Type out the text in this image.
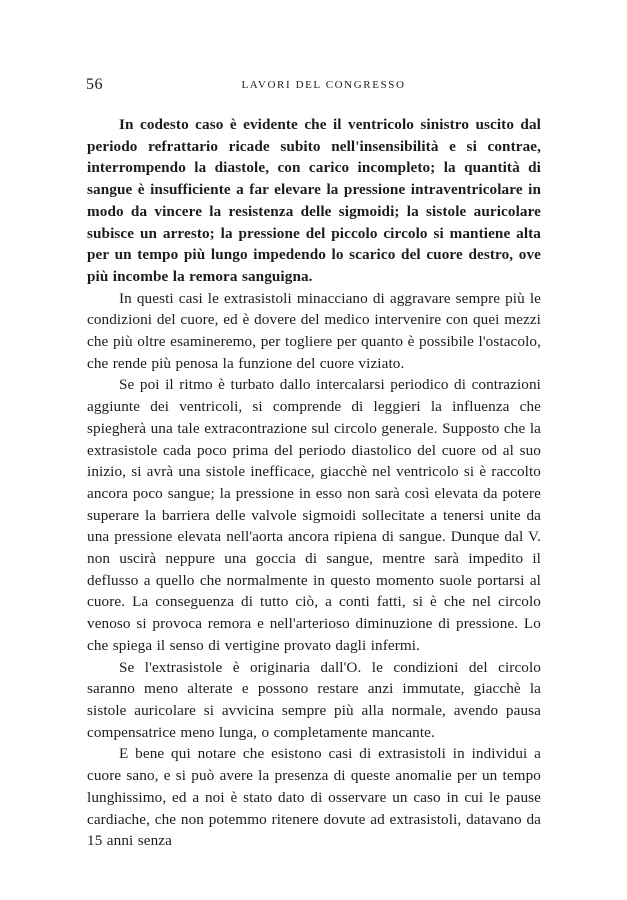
56	LAVORI DEL CONGRESSO

In codesto caso è evidente che il ventricolo sinistro uscito dal periodo refrattario ricade subito nell'insensibilità e si contrae, interrompendo la diastole, con carico incompleto; la quantità di sangue è insufficiente a far elevare la pressione intraventricolare in modo da vincere la resistenza delle sigmoidi; la sistole auricolare subisce un arresto; la pressione del piccolo circolo si mantiene alta per un tempo più lungo impedendo lo scarico del cuore destro, ove più incombe la remora sanguigna.

In questi casi le extrasistoli minacciano di aggravare sempre più le condizioni del cuore, ed è dovere del medico intervenire con quei mezzi che più oltre esamineremo, per togliere per quanto è possibile l'ostacolo, che rende più penosa la funzione del cuore viziato.

Se poi il ritmo è turbato dallo intercalarsi periodico di contrazioni aggiunte dei ventricoli, si comprende di leggieri la influenza che spiegherà una tale extracontrazione sul circolo generale. Supposto che la extrasistole cada poco prima del periodo diastolico del cuore od al suo inizio, si avrà una sistole inefficace, giacchè nel ventricolo si è raccolto ancora poco sangue; la pressione in esso non sarà così elevata da potere superare la barriera delle valvole sigmoidi sollecitate a tenersi unite da una pressione elevata nell'aorta ancora ripiena di sangue. Dunque dal V. non uscirà neppure una goccia di sangue, mentre sarà impedito il deflusso a quello che normalmente in questo momento suole portarsi al cuore. La conseguenza di tutto ciò, a conti fatti, si è che nel circolo venoso si provoca remora e nell'arterioso diminuzione di pressione. Lo che spiega il senso di vertigine provato dagli infermi.

Se l'extrasistole è originaria dall'O. le condizioni del circolo saranno meno alterate e possono restare anzi immutate, giacchè la sistole auricolare si avvicina sempre più alla normale, avendo pausa compensatrice meno lunga, o completamente mancante.

E bene qui notare che esistono casi di extrasistoli in individui a cuore sano, e si può avere la presenza di queste anomalie per un tempo lunghissimo, ed a noi è stato dato di osservare un caso in cui le pause cardiache, che non potemmo ritenere dovute ad extrasistoli, datavano da 15 anni senza
